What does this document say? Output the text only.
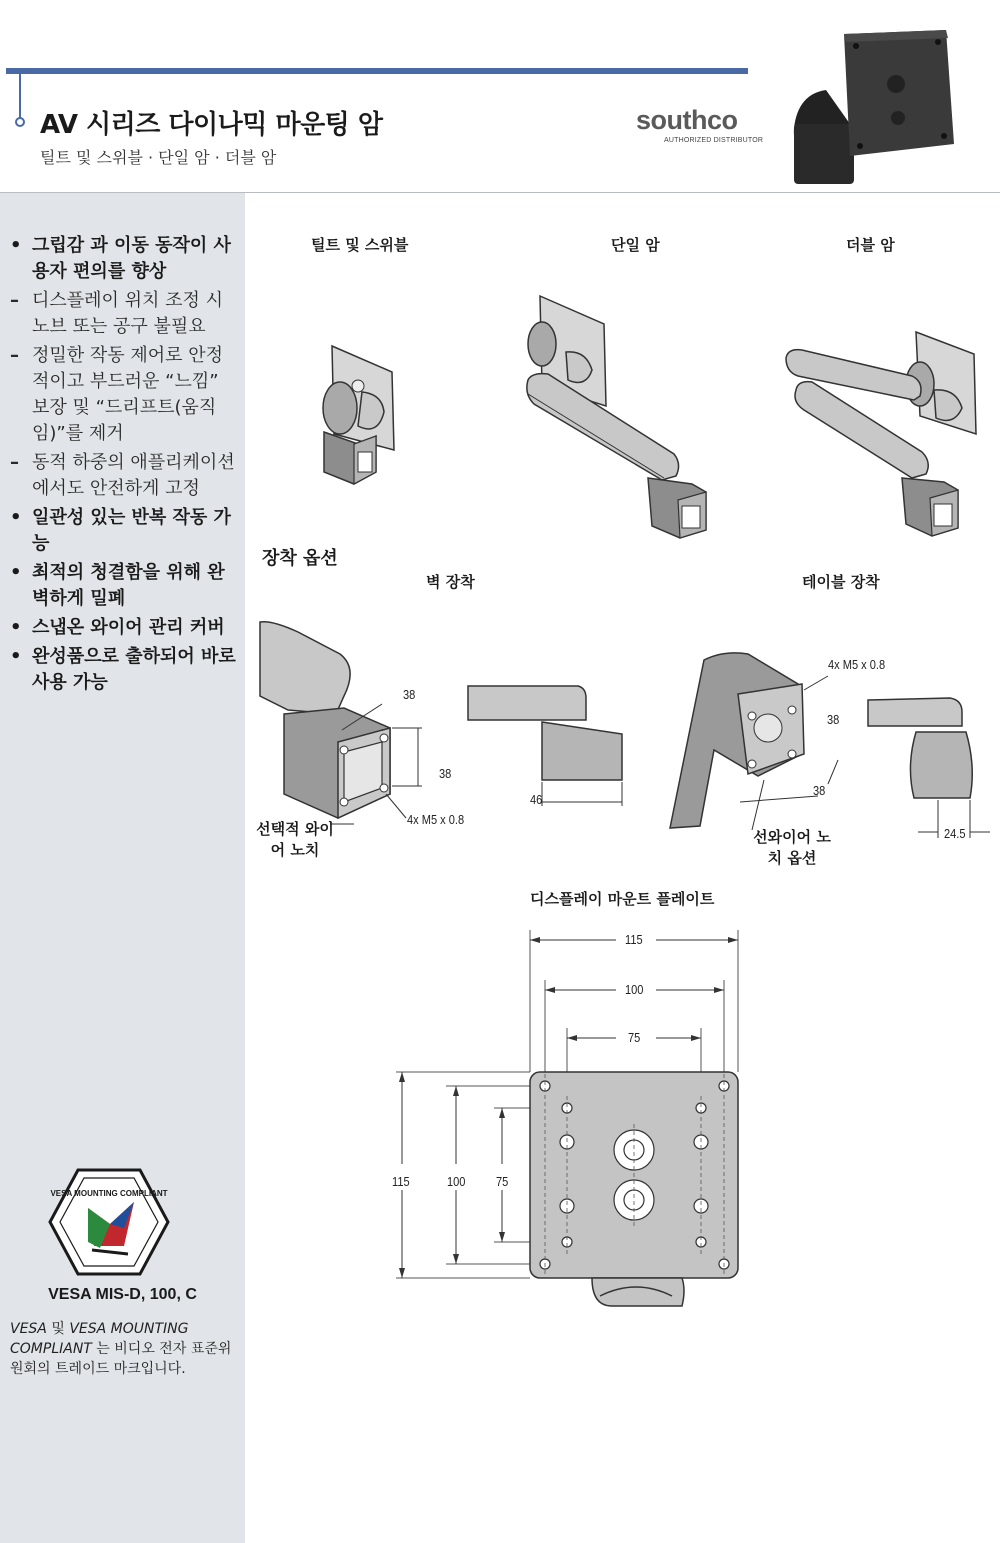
AV 시리즈 다이나믹 마운팅 암
틸트 및 스위블 · 단일 암 · 더블 암
southco
AUTHORIZED DISTRIBUTOR
• 그립감 과 이동 동작이 사용자 편의를 향상
– 디스플레이 위치 조정 시 노브 또는 공구 불필요
– 정밀한 작동 제어로 안정적이고 부드러운 “느낌” 보장 및 “드리프트(움직임)”를 제거
– 동적 하중의 애플리케이션에서도 안전하게 고정
• 일관성 있는 반복 작동 가능
• 최적의 청결함을 위해 완벽하게 밀폐
• 스냅온 와이어 관리 커버
• 완성품으로 출하되어 바로 사용 가능
VESA MOUNTING COMPLIANT
VESA MIS-D, 100, C
VESA 및 VESA MOUNTING COMPLIANT 는 비디오 전자 표준위원회의 트레이드 마크입니다.
틸트 및 스위블	단일 암	더블 암
장착 옵션
벽 장착	테이블 장착
38
38
4x M5 x 0.8
선택적 와이어 노치
46
4x M5 x 0.8
38
38
선와이어 노치 옵션
24.5
디스플레이 마운트 플레이트
115
100
75
115	100 75
